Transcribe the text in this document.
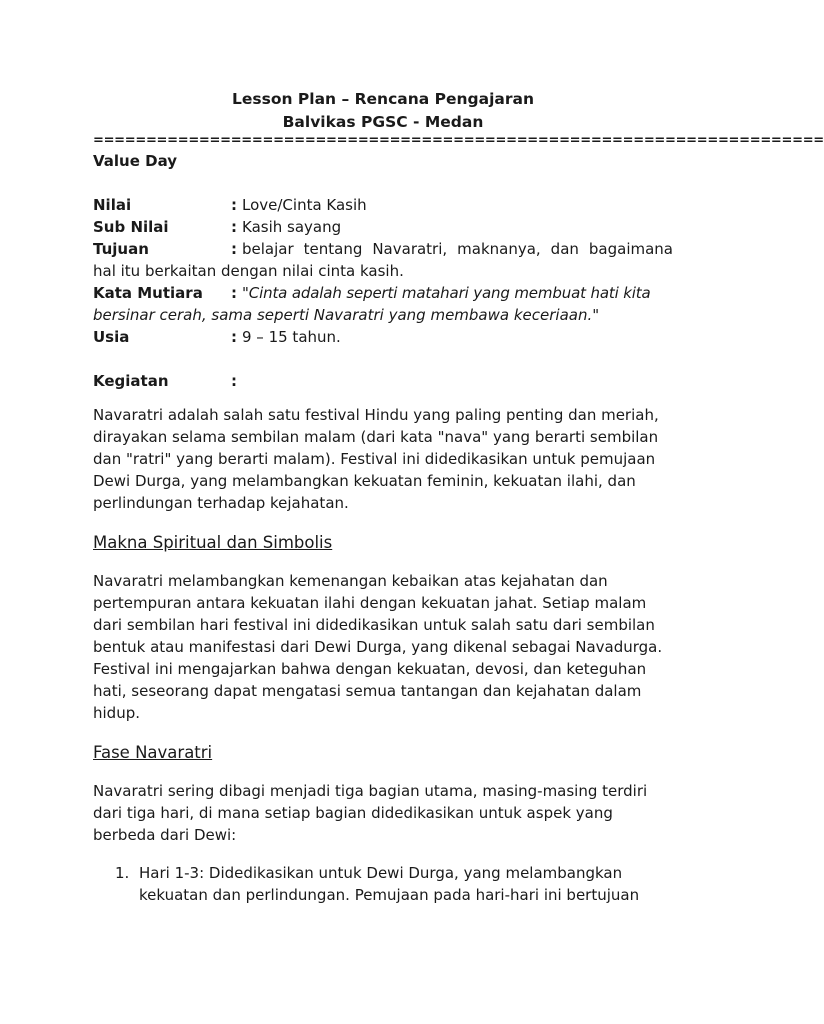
Lesson Plan – Rencana Pengajaran
Balvikas PGSC - Medan
=====================================================================
Value Day
Nilai	: Love/Cinta Kasih
Sub Nilai	: Kasih sayang
Tujuan	: belajar tentang Navaratri, maknanya, dan bagaimana
hal itu berkaitan dengan nilai cinta kasih.
Kata Mutiara	: "Cinta adalah seperti matahari yang membuat hati kita
bersinar cerah, sama seperti Navaratri yang membawa keceriaan."
Usia	: 9 – 15 tahun.
Kegiatan	:

Navaratri adalah salah satu festival Hindu yang paling penting dan meriah, dirayakan selama sembilan malam (dari kata "nava" yang berarti sembilan dan "ratri" yang berarti malam). Festival ini didedikasikan untuk pemujaan Dewi Durga, yang melambangkan kekuatan feminin, kekuatan ilahi, dan perlindungan terhadap kejahatan.

Makna Spiritual dan Simbolis

Navaratri melambangkan kemenangan kebaikan atas kejahatan dan pertempuran antara kekuatan ilahi dengan kekuatan jahat. Setiap malam dari sembilan hari festival ini didedikasikan untuk salah satu dari sembilan bentuk atau manifestasi dari Dewi Durga, yang dikenal sebagai Navadurga. Festival ini mengajarkan bahwa dengan kekuatan, devosi, dan keteguhan hati, seseorang dapat mengatasi semua tantangan dan kejahatan dalam hidup.

Fase Navaratri

Navaratri sering dibagi menjadi tiga bagian utama, masing-masing terdiri dari tiga hari, di mana setiap bagian didedikasikan untuk aspek yang berbeda dari Dewi:

1. Hari 1-3: Didedikasikan untuk Dewi Durga, yang melambangkan kekuatan dan perlindungan. Pemujaan pada hari-hari ini bertujuan
